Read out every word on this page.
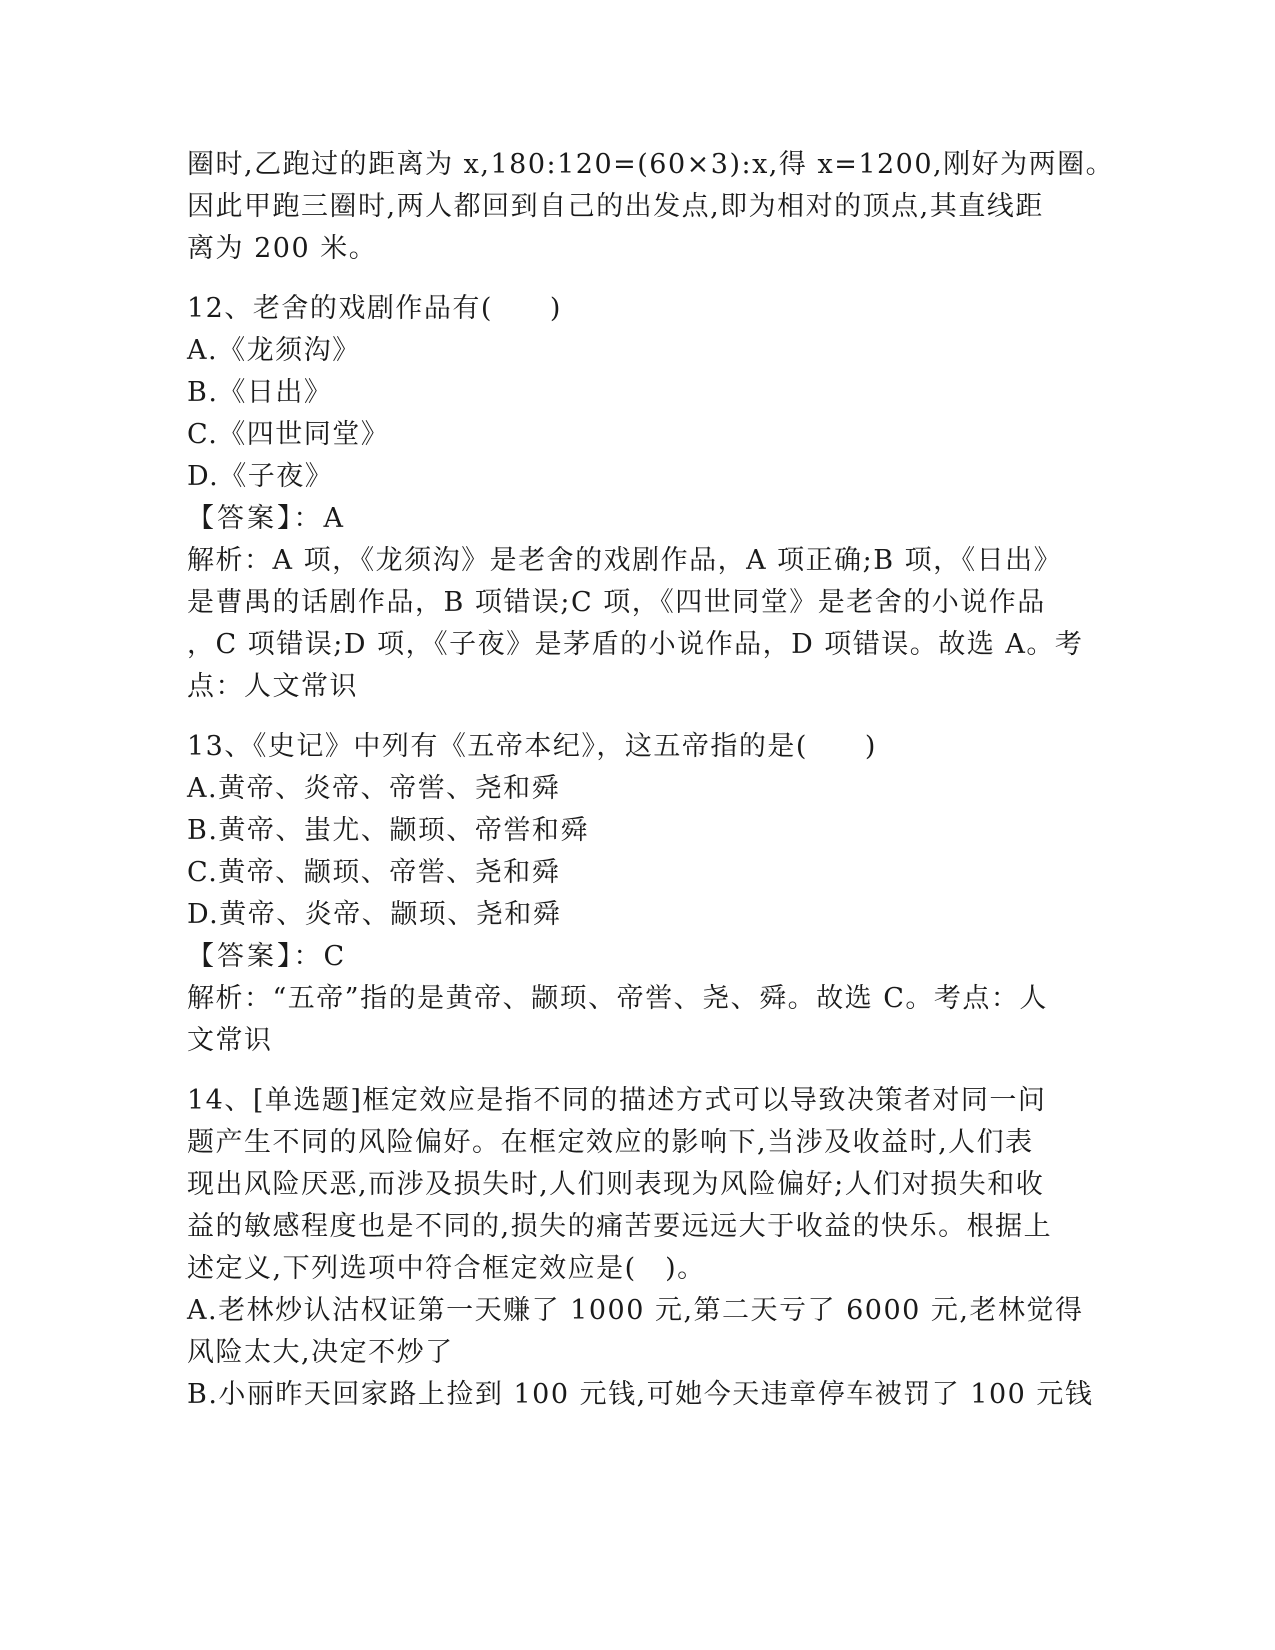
圈时,乙跑过的距离为 x,180:120=(60×3):x,得 x=1200,刚好为两圈。
因此甲跑三圈时,两人都回到自己的出发点,即为相对的顶点,其直线距
离为 200 米。
12、老舍的戏剧作品有(　　)
A.《龙须沟》
B.《日出》
C.《四世同堂》
D.《子夜》
【答案】：A
解析：A 项，《龙须沟》是老舍的戏剧作品，A 项正确;B 项，《日出》
是曹禺的话剧作品，B 项错误;C 项，《四世同堂》是老舍的小说作品
，C 项错误;D 项，《子夜》是茅盾的小说作品，D 项错误。故选 A。考
点：人文常识
13、《史记》中列有《五帝本纪》，这五帝指的是(　　)
A.黄帝、炎帝、帝喾、尧和舜
B.黄帝、蚩尤、颛顼、帝喾和舜
C.黄帝、颛顼、帝喾、尧和舜
D.黄帝、炎帝、颛顼、尧和舜
【答案】：C
解析：“五帝”指的是黄帝、颛顼、帝喾、尧、舜。故选 C。考点：人
文常识
14、[单选题]框定效应是指不同的描述方式可以导致决策者对同一问
题产生不同的风险偏好。在框定效应的影响下,当涉及收益时,人们表
现出风险厌恶,而涉及损失时,人们则表现为风险偏好;人们对损失和收
益的敏感程度也是不同的,损失的痛苦要远远大于收益的快乐。根据上
述定义,下列选项中符合框定效应是(　)。
A.老林炒认沽权证第一天赚了 1000 元,第二天亏了 6000 元,老林觉得
风险太大,决定不炒了
B.小丽昨天回家路上捡到 100 元钱,可她今天违章停车被罚了 100 元钱
